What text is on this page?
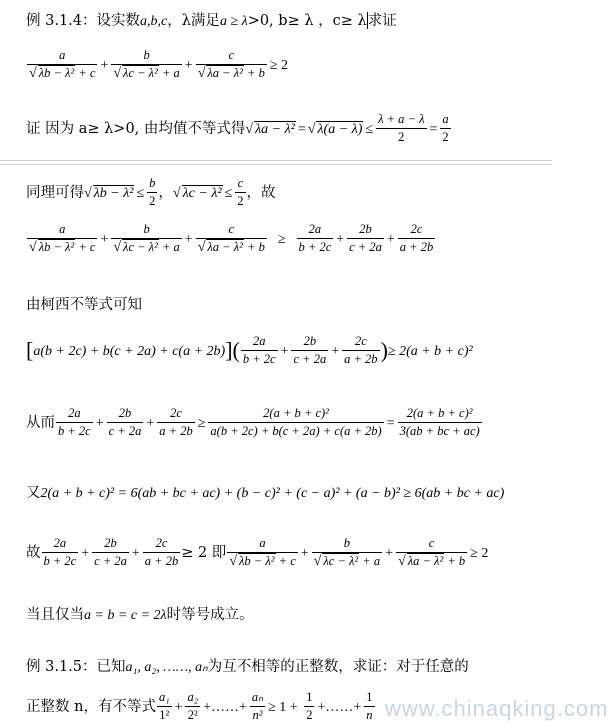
例 3.1.4：设实数a,b,c，λ满足a ≥ λ>0, b≥ λ ，c≥ λ求证
$\frac{a}{\text{√ λb − λ² + c}} + \frac{b}{\text{√ λc − λ² + a}} + \frac{c}{\text{√ λa − λ² + b}} \ge 2$
证 因为 a≥ λ>0, 由均值不等式得√ λa − λ² = √ $\lambda(a - \lambda) \le \frac{\lambda + a - \lambda}{2} = \frac{a}{2}$
同理可得√ $\lambda b - \lambda^2 \le \frac{b}{2}$ ，√ $\lambda c - \lambda^2 \le \frac{c}{2}$ ，故
$\frac{a}{\text{√ λb − λ² + c}} + \frac{b}{\text{√ λc − λ² + a}} + \frac{c}{\text{√ λa − λ² + b}} \ge \frac{2a}{b + 2c} + \frac{2b}{c + 2a} + \frac{2c}{a + 2b}$
由柯西不等式可知
$[a(b + 2c) + b(c + 2a) + c(a + 2b)]( \frac{2a}{b + 2c} + \frac{2b}{c + 2a} + \frac{2c}{a + 2b}$ )≥ 2(a + b + c)²
从而 $\frac{2a}{b + 2c} + \frac{2b}{c + 2a} + \frac{2c}{a + 2b} \ge \frac{\text{2(a + b + c)²}}{a(b + 2c) + b(c + 2a) + c(a + 2b)} = \frac{\text{2(a + b + c)²}}{3(ab + bc + ac)}$
又2(a + b + c)² = 6(ab + bc + ac) + (b − c)² + (c − a)² + (a − b)² ≥ 6(ab + bc + ac)
故 $\frac{2a}{b + 2c} + \frac{2b}{c + 2a} + \frac{2c}{a + 2b} \ge 2$ 即 $\frac{a}{\text{√ λb − λ² + c}} + \frac{b}{\text{√ λc − λ² + a}} + \frac{c}{\text{√ λa − λ² + b}} \ge 2$
当且仅当a = b = c = 2λ时等号成立。
例 3.1.5：已知a₁, a₂, ……, aₙ为互不相等的正整数，求证：对于任意的
正整数 n，有不等式 $\frac{\text{a₁}}{\text{1²}} + \frac{\text{a₂}}{\text{2²}}$ +……+ $\frac{\text{aₙ}}{\text{n²}} \ge 1 + \frac{1}{2}$ +……+ $\frac{1}{n}$ www.chinaqking.com
